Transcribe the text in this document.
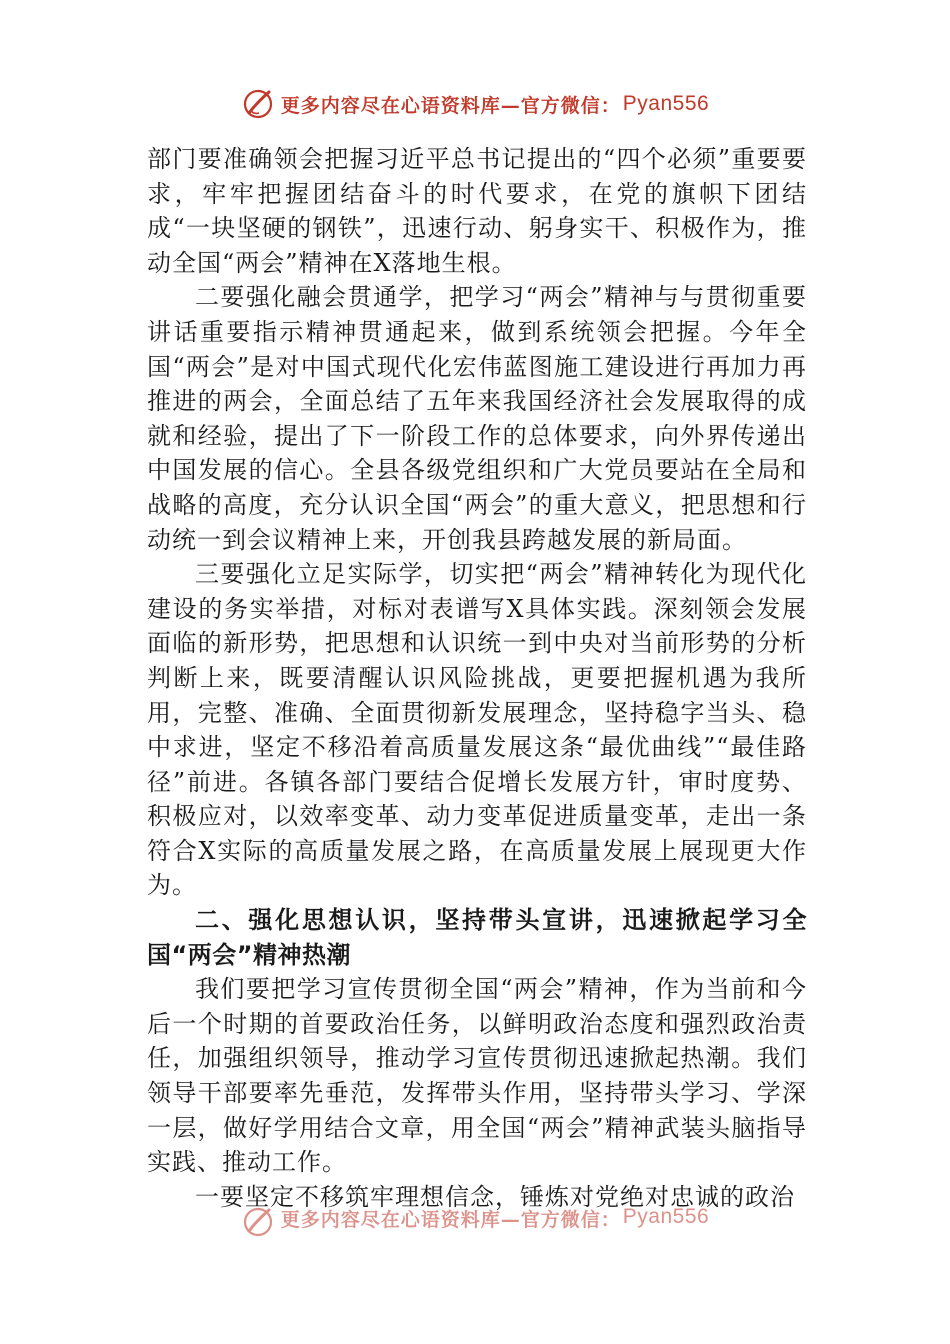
更多内容尽在心语资料库—官方微信： Pyan556

部门要准确领会把握习近平总书记提出的“四个必须”重要要求，牢牢把握团结奋斗的时代要求，在党的旗帜下团结成“一块坚硬的钢铁”，迅速行动、躬身实干、积极作为，推动全国“两会”精神在X落地生根。

二要强化融会贯通学，把学习“两会”精神与与贯彻重要讲话重要指示精神贯通起来，做到系统领会把握。今年全国“两会”是对中国式现代化宏伟蓝图施工建设进行再加力再推进的两会，全面总结了五年来我国经济社会发展取得的成就和经验，提出了下一阶段工作的总体要求，向外界传递出中国发展的信心。全县各级党组织和广大党员要站在全局和战略的高度，充分认识全国“两会”的重大意义，把思想和行动统一到会议精神上来，开创我县跨越发展的新局面。

三要强化立足实际学，切实把“两会”精神转化为现代化建设的务实举措，对标对表谱写X具体实践。深刻领会发展面临的新形势，把思想和认识统一到中央对当前形势的分析判断上来，既要清醒认识风险挑战，更要把握机遇为我所用，完整、准确、全面贯彻新发展理念，坚持稳字当头、稳中求进，坚定不移沿着高质量发展这条“最优曲线”“最佳路径”前进。各镇各部门要结合促增长发展方针，审时度势、积极应对，以效率变革、动力变革促进质量变革，走出一条符合X实际的高质量发展之路，在高质量发展上展现更大作为。

二、强化思想认识，坚持带头宣讲，迅速掀起学习全国“两会”精神热潮

我们要把学习宣传贯彻全国“两会”精神，作为当前和今后一个时期的首要政治任务，以鲜明政治态度和强烈政治责任，加强组织领导，推动学习宣传贯彻迅速掀起热潮。我们领导干部要率先垂范，发挥带头作用，坚持带头学习、学深一层，做好学用结合文章，用全国“两会”精神武装头脑指导实践、推动工作。

一要坚定不移筑牢理想信念，锤炼对党绝对忠诚的政治

更多内容尽在心语资料库—官方微信： Pyan556
